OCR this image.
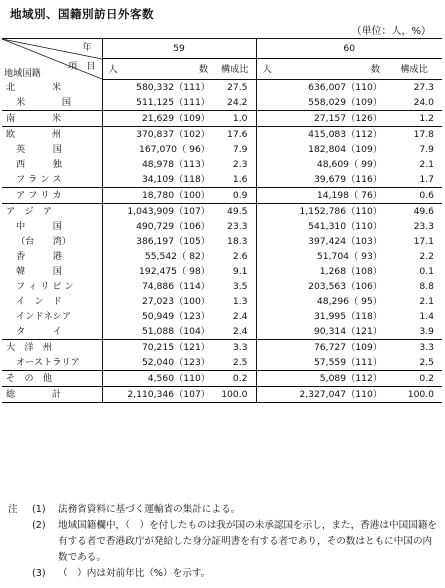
地域別、国籍別訪日外客数
（単位：人，%）
年
項　目
地域国籍	59		60	

	人 数	構成比	人 数	構成比

北　　　　米	580,332（111）	27.5	636,007（110）	27.3

米　　　　国	511,125（111）	24.2	558,029（109）	24.0

南　　　　米	21,629（109）	1.0	27,157（126）	1.2

欧　　　　州	370,837（102）	17.6	415,083（112）	17.8

英　　　国	167,070（ 96）	7.9	182,804（109）	7.9

西　　　独	48,978（113）	2.3	48,609（ 99）	2.1

フ ラ ン ス	34,109（118）	1.6	39,679（116）	1.7

ア フ リ カ	18,780（100）	0.9	14,198（ 76）	0.6

ア　ジ　ア	1,043,909（107）	49.5	1,152,786（110）	49.6

中　　　国	490,729（106）	23.3	541,310（110）	23.3

（台　　湾）	386,197（105）	18.3	397,424（103）	17.1

香　　　港	55,542（ 82）	2.6	51,704（ 93）	2.2

韓　　　国	192,475（ 98）	9.1	1,268（108）	0.1

フ ィ リ ピ ン	74,886（114）	3.5	203,563（106）	8.8

イ　ン　ド	27,023（100）	1.3	48,296（ 95）	2.1

インドネシア	50,949（123）	2.4	31,995（118）	1.4

タ　　　イ	51,088（104）	2.4	90,314（121）	3.9

大　洋　州	70,215（121）	3.3	76,727（109）	3.3

オーストラリア	52,040（123）	2.5	57,559（111）	2.5

そ　の　他	4,560（110）	0.2	5,089（112）	0.2

総　　　　計	2,110,346（107）	100.0	2,327,047（110）	100.0
注	(1)	法務省資料に基づく運輸省の集計による。
(2)	地域国籍欄中，（　）を付したものは我が国の未承認国を示し，また，香港は中国国籍を有する者で香港政庁が発給した身分証明書を有する者であり，その数はともに中国の内数である。
(3)	（　）内は対前年比（%）を示す。
